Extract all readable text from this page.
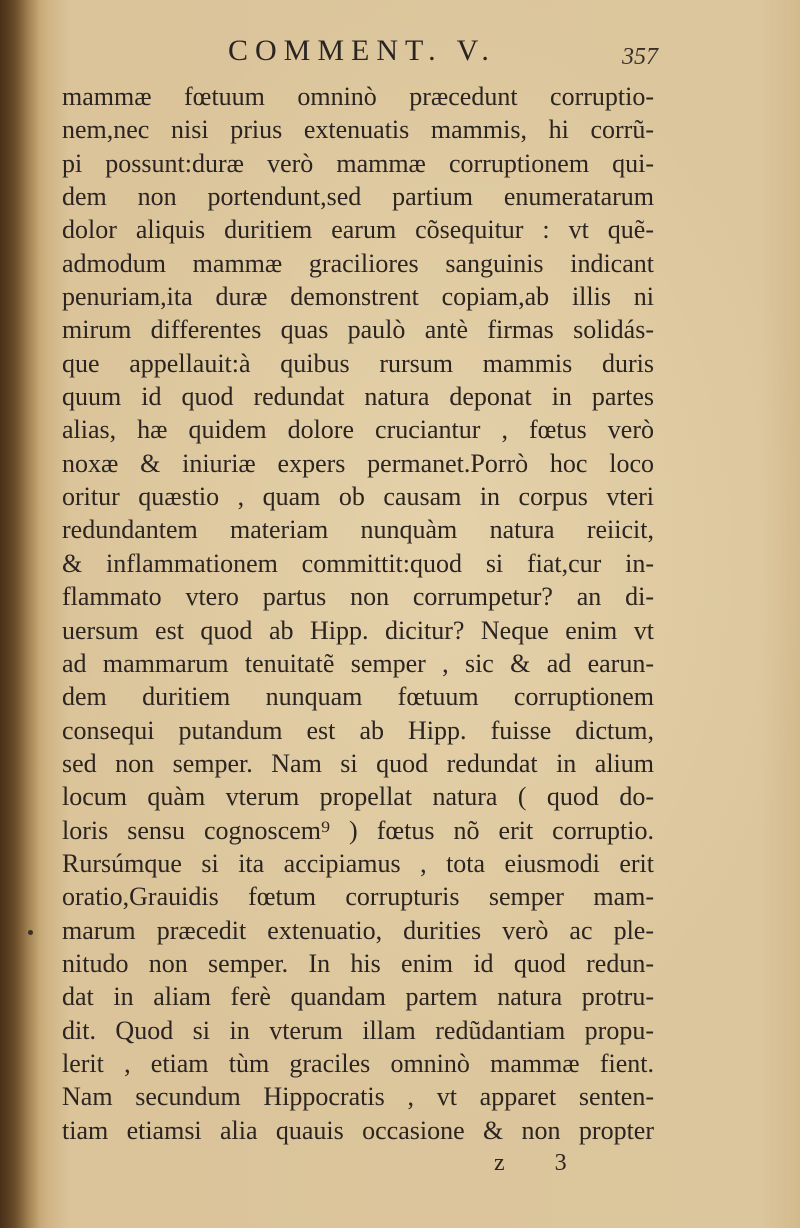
COMMENT. V.	357
mammæ fœtuum omninò præcedunt corruptio-
nem,nec nisi prius extenuatis mammis, hi corrũ-
pi possunt:duræ verò mammæ corruptionem qui-
dem non portendunt,sed partium enumeratarum
dolor aliquis duritiem earum cõsequitur : vt quẽ-
admodum mammæ graciliores sanguinis indicant
penuriam,ita duræ demonstrent copiam,ab illis ni
mirum differentes quas paulò antè firmas solidás-
que appellauit:à quibus rursum mammis duris
quum id quod redundat natura deponat in partes
alias, hæ quidem dolore cruciantur , fœtus verò
noxæ & iniuriæ expers permanet.Porrò hoc loco
oritur quæstio , quam ob causam in corpus vteri
redundantem materiam nunquàm natura reiicit,
& inflammationem committit:quod si fiat,cur in-
flammato vtero partus non corrumpetur? an di-
uersum est quod ab Hipp. dicitur? Neque enim vt
ad mammarum tenuitatẽ semper , sic & ad earun-
dem duritiem nunquam fœtuum corruptionem
consequi putandum est ab Hipp. fuisse dictum,
sed non semper. Nam si quod redundat in alium
locum quàm vterum propellat natura ( quod do-
loris sensu cognoscem⁹ ) fœtus nõ erit corruptio.
Rursúmque si ita accipiamus , tota eiusmodi erit
oratio,Grauidis fœtum corrupturis semper mam-
marum præcedit extenuatio, durities verò ac ple-
nitudo non semper. In his enim id quod redun-
dat in aliam ferè quandam partem natura protru-
dit. Quod si in vterum illam redũdantiam propu-
lerit , etiam tùm graciles omninò mammæ fient.
Nam secundum Hippocratis , vt apparet senten-
tiam etiamsi alia quauis occasione & non propter
z 3
